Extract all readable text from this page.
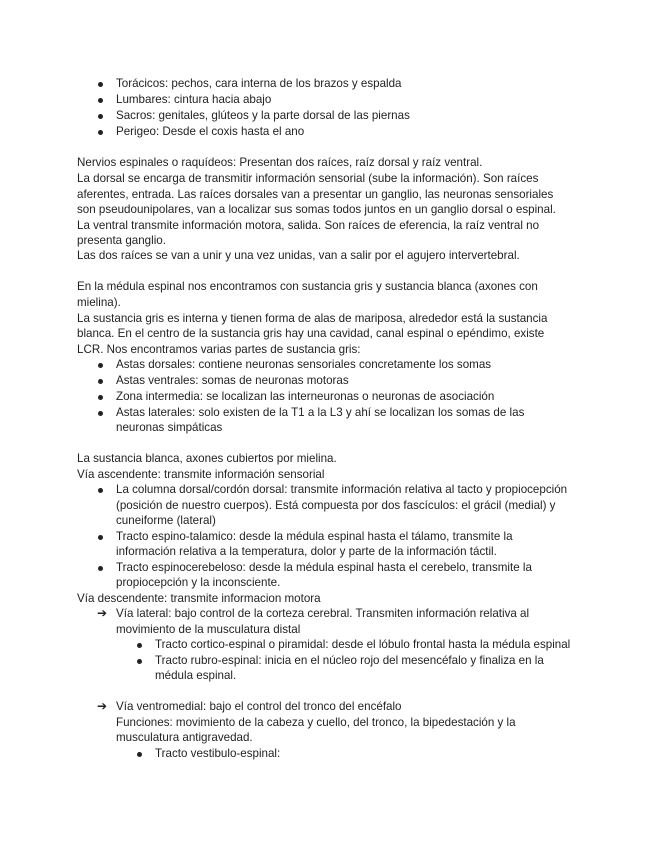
Torácicos: pechos, cara interna de los brazos y espalda
Lumbares: cintura hacia abajo
Sacros: genitales, glúteos y la parte dorsal de las piernas
Perigeo: Desde el coxis hasta el ano
Nervios espinales o raquídeos: Presentan dos raíces, raíz dorsal y raíz ventral.
La dorsal se encarga de transmitir información sensorial (sube la información). Son raíces
aferentes, entrada. Las raíces dorsales van a presentar un ganglio, las neuronas sensoriales
son pseudounipolares, van a localizar sus somas todos juntos en un ganglio dorsal o espinal.
La ventral transmite información motora, salida. Son raíces de eferencia, la raíz ventral no
presenta ganglio.
Las dos raíces se van a unir y una vez unidas, van a salir por el agujero intervertebral.
En la médula espinal nos encontramos con sustancia gris y sustancia blanca (axones con
mielina).
La sustancia gris es interna y tienen forma de alas de mariposa, alrededor está la sustancia
blanca. En el centro de la sustancia gris hay una cavidad, canal espinal o epéndimo, existe
LCR. Nos encontramos varias partes de sustancia gris:
Astas dorsales: contiene neuronas sensoriales concretamente los somas
Astas ventrales: somas de neuronas motoras
Zona intermedia: se localizan las interneuronas o neuronas de asociación
Astas laterales: solo existen de la T1 a la L3 y ahí se localizan los somas de las
neuronas simpáticas
La sustancia blanca, axones cubiertos por mielina.
Vía ascendente: transmite información sensorial
La columna dorsal/cordón dorsal: transmite información relativa al tacto y propiocepción
(posición de nuestro cuerpos). Está compuesta por dos fascículos: el grácil (medial) y
cuneiforme (lateral)
Tracto espino-talamico: desde la médula espinal hasta el tálamo, transmite la
información relativa a la temperatura, dolor y parte de la información táctil.
Tracto espinocerebeloso: desde la médula espinal hasta el cerebelo, transmite la
propiocepción y la inconsciente.
Vía descendente: transmite informacion motora
➔ Vía lateral: bajo control de la corteza cerebral. Transmiten información relativa al
movimiento de la musculatura distal
Tracto cortico-espinal o piramidal: desde el lóbulo frontal hasta la médula espinal
Tracto rubro-espinal: inicia en el núcleo rojo del mesencéfalo y finaliza en la
médula espinal.
➔ Vía ventromedial: bajo el control del tronco del encéfalo
Funciones: movimiento de la cabeza y cuello, del tronco, la bipedestación y la
musculatura antigravedad.
Tracto vestibulo-espinal:
